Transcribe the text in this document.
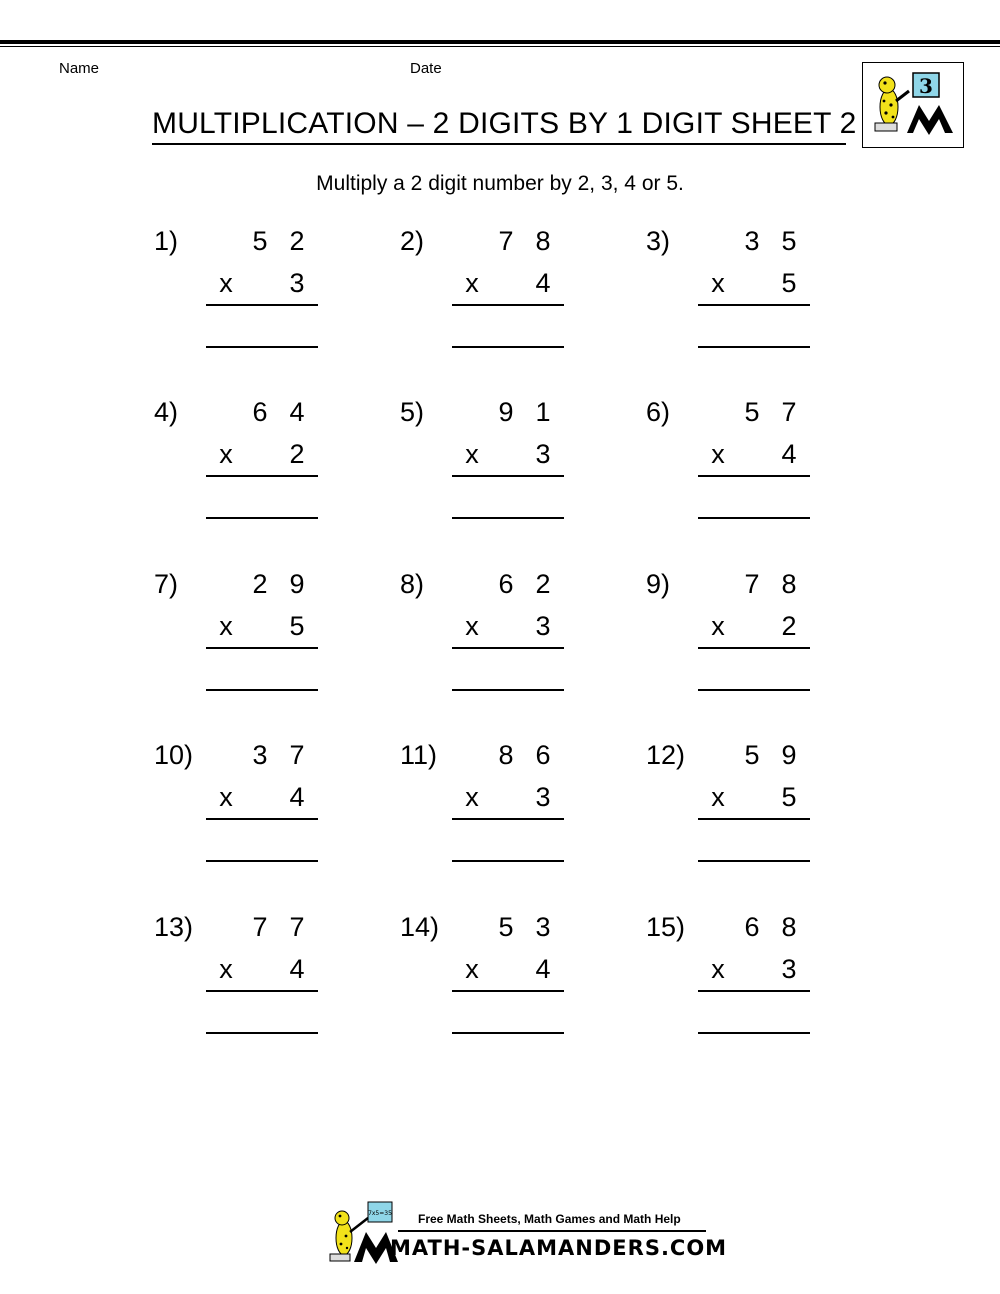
Name	Date
MULTIPLICATION – 2 DIGITS BY 1 DIGIT SHEET 2
3
Multiply a 2 digit number by 2, 3, 4 or 5.
1)	5 2
x 3
2)	7 8
x 4
3)	3 5
x 5
4)	6 4
x 2
5)	9 1
x 3
6)	5 7
x 4
7)	2 9
x 5
8)	6 2
x 3
9)	7 8
x 2
10) 3 7
x 4
11) 8 6
x 3
12) 5 9
x 5
13) 7 7
x 4
14) 5 3
x 4
15) 6 8
x 3
7x5=35 Free Math Sheets, Math Games and Math Help
MATH-SALAMANDERS.COM
